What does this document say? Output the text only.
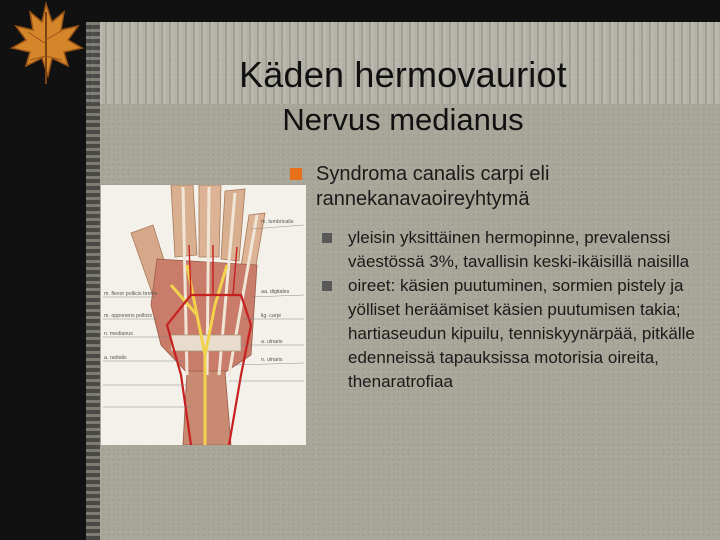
Käden hermovauriot
Nervus medianus
Syndroma canalis carpi eli rannekanavaoireyhtymä
yleisin yksittäinen hermopinne, prevalenssi väestössä 3%, tavallisin keski-ikäisillä naisilla
oireet: käsien puutuminen, sormien pistely ja yölliset heräämiset käsien puutumisen takia; hartiaseudun kipuilu, tenniskyynärpää, pitkälle edenneissä tapauksissa motorisia oireita, thenaratrofiaa
m. flexor pollicis brevis
m. opponens pollicis
n. medianus
a. radialis
m. lumbricalis
aa. digitales
lig. carpi
a. ulnaris
n. ulnaris
